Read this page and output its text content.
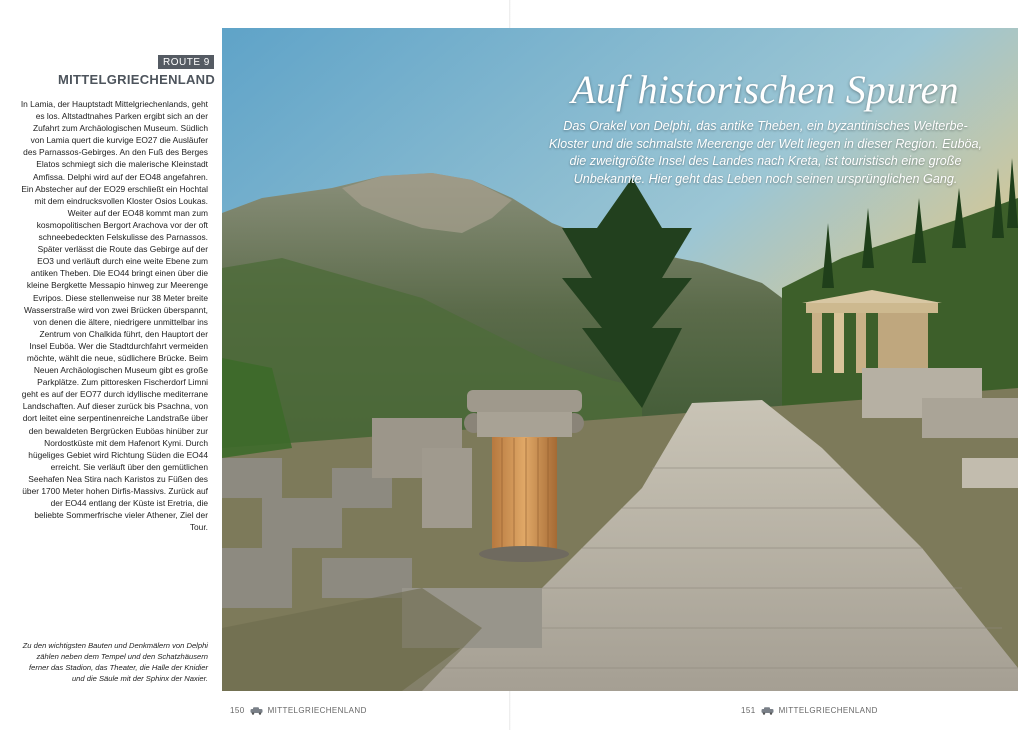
ROUTE 9
MITTELGRIECHENLAND
In Lamia, der Hauptstadt Mittelgriechenlands, geht es los. Altstadtnahes Parken ergibt sich an der Zufahrt zum Archäologischen Museum. Südlich von Lamia quert die kurvige EO27 die Ausläufer des Parnassos-Gebirges. An den Fuß des Berges Elatos schmiegt sich die malerische Kleinstadt Amfissa. Delphi wird auf der EO48 angefahren. Ein Abstecher auf der EO29 erschließt ein Hochtal mit dem eindrucksvollen Kloster Osios Loukas. Weiter auf der EO48 kommt man zum kosmopolitischen Bergort Arachova vor der oft schneebedeckten Felskulisse des Parnassos. Später verlässt die Route das Gebirge auf der EO3 und verläuft durch eine weite Ebene zum antiken Theben. Die EO44 bringt einen über die kleine Bergkette Messapio hinweg zur Meerenge Evripos. Diese stellenweise nur 38 Meter breite Wasserstraße wird von zwei Brücken überspannt, von denen die ältere, niedrigere unmittelbar ins Zentrum von Chalkida führt, den Hauptort der Insel Euböa. Wer die Stadtdurchfahrt vermeiden möchte, wählt die neue, südlichere Brücke. Beim Neuen Archäologischen Museum gibt es große Parkplätze. Zum pittoresken Fischerdorf Limni geht es auf der EO77 durch idyllische mediterrane Landschaften. Auf dieser zurück bis Psachna, von dort leitet eine serpentinenreiche Landstraße über den bewaldeten Bergrücken Euböas hinüber zur Nordostküste mit dem Hafenort Kymi. Durch hügeliges Gebiet wird Richtung Süden die EO44 erreicht. Sie verläuft über den gemütlichen Seehafen Nea Stira nach Karistos zu Füßen des über 1700 Meter hohen Dirfis-Massivs. Zurück auf der EO44 entlang der Küste ist Eretria, die beliebte Sommerfrische vieler Athener, Ziel der Tour.
Zu den wichtigsten Bauten und Denkmälern von Delphi zählen neben dem Tempel und den Schatzhäusern ferner das Stadion, das Theater, die Halle der Knidier und die Säule mit der Sphinx der Naxier.
150	MITTELGRIECHENLAND	151	MITTELGRIECHENLAND
Auf historischen Spuren
Das Orakel von Delphi, das antike Theben, ein byzantinisches Welterbe-Kloster und die schmalste Meerenge der Welt liegen in dieser Region. Euböa, die zweitgrößte Insel des Landes nach Kreta, ist touristisch eine große Unbekannte. Hier geht das Leben noch seinen ursprünglichen Gang.
